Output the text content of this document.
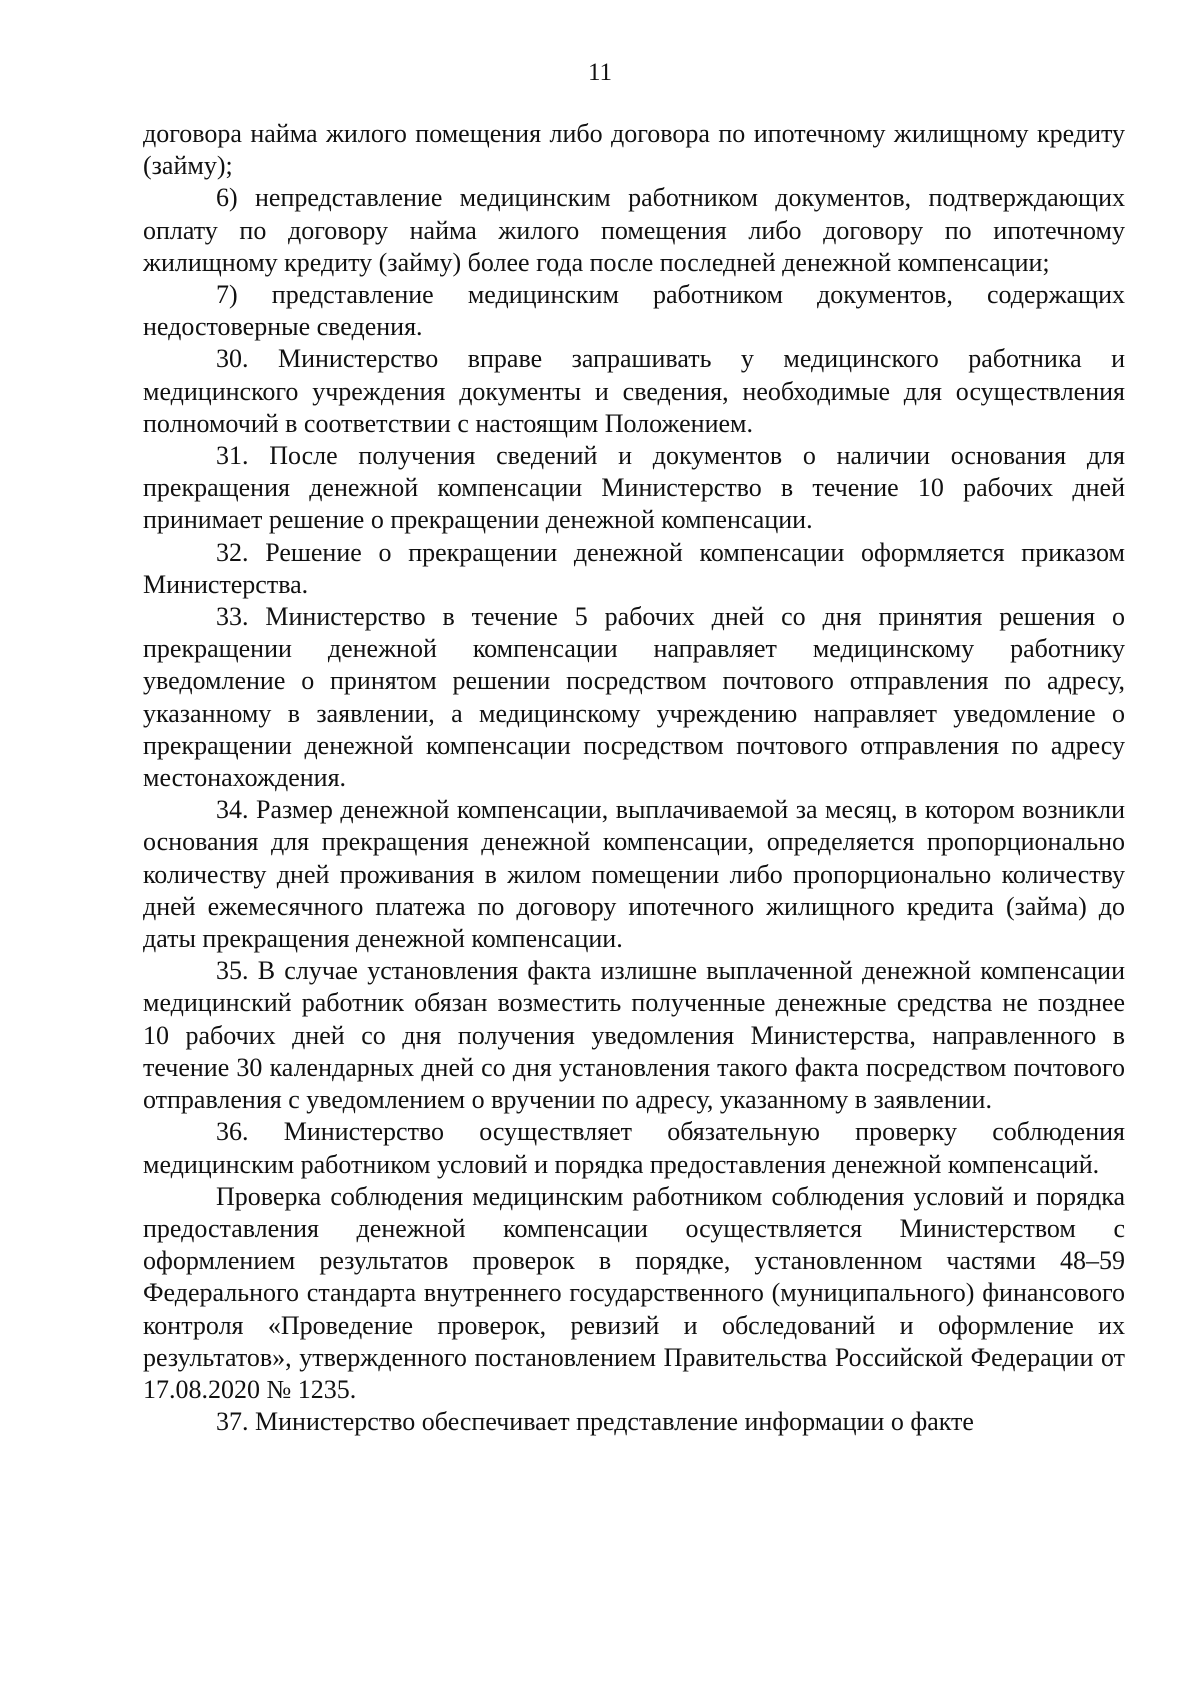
11

договора найма жилого помещения либо договора по ипотечному жилищному кредиту (займу);

6) непредставление медицинским работником документов, подтверждающих оплату по договору найма жилого помещения либо договору по ипотечному жилищному кредиту (займу) более года после последней денежной компенсации;

7) представление медицинским работником документов, содержащих недостоверные сведения.

30. Министерство вправе запрашивать у медицинского работника и медицинского учреждения документы и сведения, необходимые для осуществления полномочий в соответствии с настоящим Положением.

31. После получения сведений и документов о наличии основания для прекращения денежной компенсации Министерство в течение 10 рабочих дней принимает решение о прекращении денежной компенсации.

32. Решение о прекращении денежной компенсации оформляется приказом Министерства.

33. Министерство в течение 5 рабочих дней со дня принятия решения о прекращении денежной компенсации направляет медицинскому работнику уведомление о принятом решении посредством почтового отправления по адресу, указанному в заявлении, а медицинскому учреждению направляет уведомление о прекращении денежной компенсации посредством почтового отправления по адресу местонахождения.

34. Размер денежной компенсации, выплачиваемой за месяц, в котором возникли основания для прекращения денежной компенсации, определяется пропорционально количеству дней проживания в жилом помещении либо пропорционально количеству дней ежемесячного платежа по договору ипотечного жилищного кредита (займа) до даты прекращения денежной компенсации.

35. В случае установления факта излишне выплаченной денежной компенсации медицинский работник обязан возместить полученные денежные средства не позднее 10 рабочих дней со дня получения уведомления Министерства, направленного в течение 30 календарных дней со дня установления такого факта посредством почтового отправления с уведомлением о вручении по адресу, указанному в заявлении.

36. Министерство осуществляет обязательную проверку соблюдения медицинским работником условий и порядка предоставления денежной компенсаций.

Проверка соблюдения медицинским работником соблюдения условий и порядка предоставления денежной компенсации осуществляется Министерством с оформлением результатов проверок в порядке, установленном частями 48–59 Федерального стандарта внутреннего государственного (муниципального) финансового контроля «Проведение проверок, ревизий и обследований и оформление их результатов», утвержденного постановлением Правительства Российской Федерации от 17.08.2020 № 1235.

37. Министерство обеспечивает представление информации о факте
